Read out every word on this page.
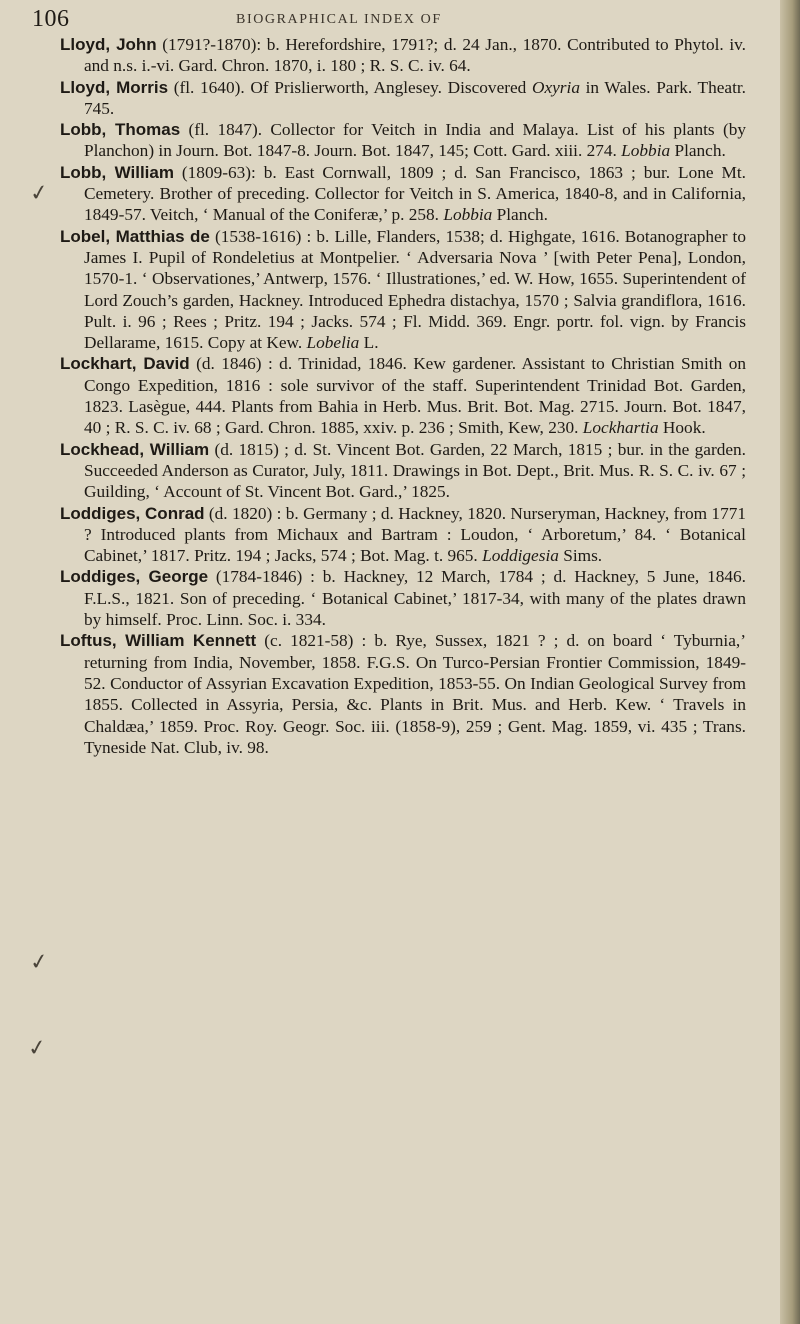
106	BIOGRAPHICAL INDEX OF
✓
✓
✓

Lloyd, John (1791?-1870): b. Herefordshire, 1791?; d. 24 Jan., 1870. Contributed to Phytol. iv. and n.s. i.-vi. Gard. Chron. 1870, i. 180 ; R. S. C. iv. 64.

Lloyd, Morris (fl. 1640). Of Prislierworth, Anglesey. Discovered Oxyria in Wales. Park. Theatr. 745.

Lobb, Thomas (fl. 1847). Collector for Veitch in India and Malaya. List of his plants (by Planchon) in Journ. Bot. 1847-8. Journ. Bot. 1847, 145; Cott. Gard. xiii. 274. Lobbia Planch.

Lobb, William (1809-63): b. East Cornwall, 1809 ; d. San Francisco, 1863 ; bur. Lone Mt. Cemetery. Brother of preceding. Collector for Veitch in S. America, 1840-8, and in California, 1849-57. Veitch, ‘ Manual of the Coniferæ,’ p. 258. Lobbia Planch.

Lobel, Matthias de (1538-1616) : b. Lille, Flanders, 1538; d. Highgate, 1616. Botanographer to James I. Pupil of Rondeletius at Montpelier. ‘ Adversaria Nova ’ [with Peter Pena], London, 1570-1. ‘ Observationes,’ Antwerp, 1576. ‘ Illustrationes,’ ed. W. How, 1655. Superintendent of Lord Zouch’s garden, Hackney. Introduced Ephedra distachya, 1570 ; Salvia grandiflora, 1616. Pult. i. 96 ; Rees ; Pritz. 194 ; Jacks. 574 ; Fl. Midd. 369. Engr. portr. fol. vign. by Francis Dellarame, 1615. Copy at Kew. Lobelia L.

Lockhart, David (d. 1846) : d. Trinidad, 1846. Kew gardener. Assistant to Christian Smith on Congo Expedition, 1816 : sole survivor of the staff. Superintendent Trinidad Bot. Garden, 1823. Lasègue, 444. Plants from Bahia in Herb. Mus. Brit. Bot. Mag. 2715. Journ. Bot. 1847, 40 ; R. S. C. iv. 68 ; Gard. Chron. 1885, xxiv. p. 236 ; Smith, Kew, 230. Lockhartia Hook.

Lockhead, William (d. 1815) ; d. St. Vincent Bot. Garden, 22 March, 1815 ; bur. in the garden. Succeeded Anderson as Curator, July, 1811. Drawings in Bot. Dept., Brit. Mus. R. S. C. iv. 67 ; Guilding, ‘ Account of St. Vincent Bot. Gard.,’ 1825.

Loddiges, Conrad (d. 1820) : b. Germany ; d. Hackney, 1820. Nurseryman, Hackney, from 1771 ? Introduced plants from Michaux and Bartram : Loudon, ‘ Arboretum,’ 84. ‘ Botanical Cabinet,’ 1817. Pritz. 194 ; Jacks, 574 ; Bot. Mag. t. 965. Loddigesia Sims.

Loddiges, George (1784-1846) : b. Hackney, 12 March, 1784 ; d. Hackney, 5 June, 1846. F.L.S., 1821. Son of preceding. ‘ Botanical Cabinet,’ 1817-34, with many of the plates drawn by himself. Proc. Linn. Soc. i. 334.

Loftus, William Kennett (c. 1821-58) : b. Rye, Sussex, 1821 ? ; d. on board ‘ Tyburnia,’ returning from India, November, 1858. F.G.S. On Turco-Persian Frontier Commission, 1849-52. Conductor of Assyrian Excavation Expedition, 1853-55. On Indian Geological Survey from 1855. Collected in Assyria, Persia, &c. Plants in Brit. Mus. and Herb. Kew. ‘ Travels in Chaldæa,’ 1859. Proc. Roy. Geogr. Soc. iii. (1858-9), 259 ; Gent. Mag. 1859, vi. 435 ; Trans. Tyneside Nat. Club, iv. 98.
